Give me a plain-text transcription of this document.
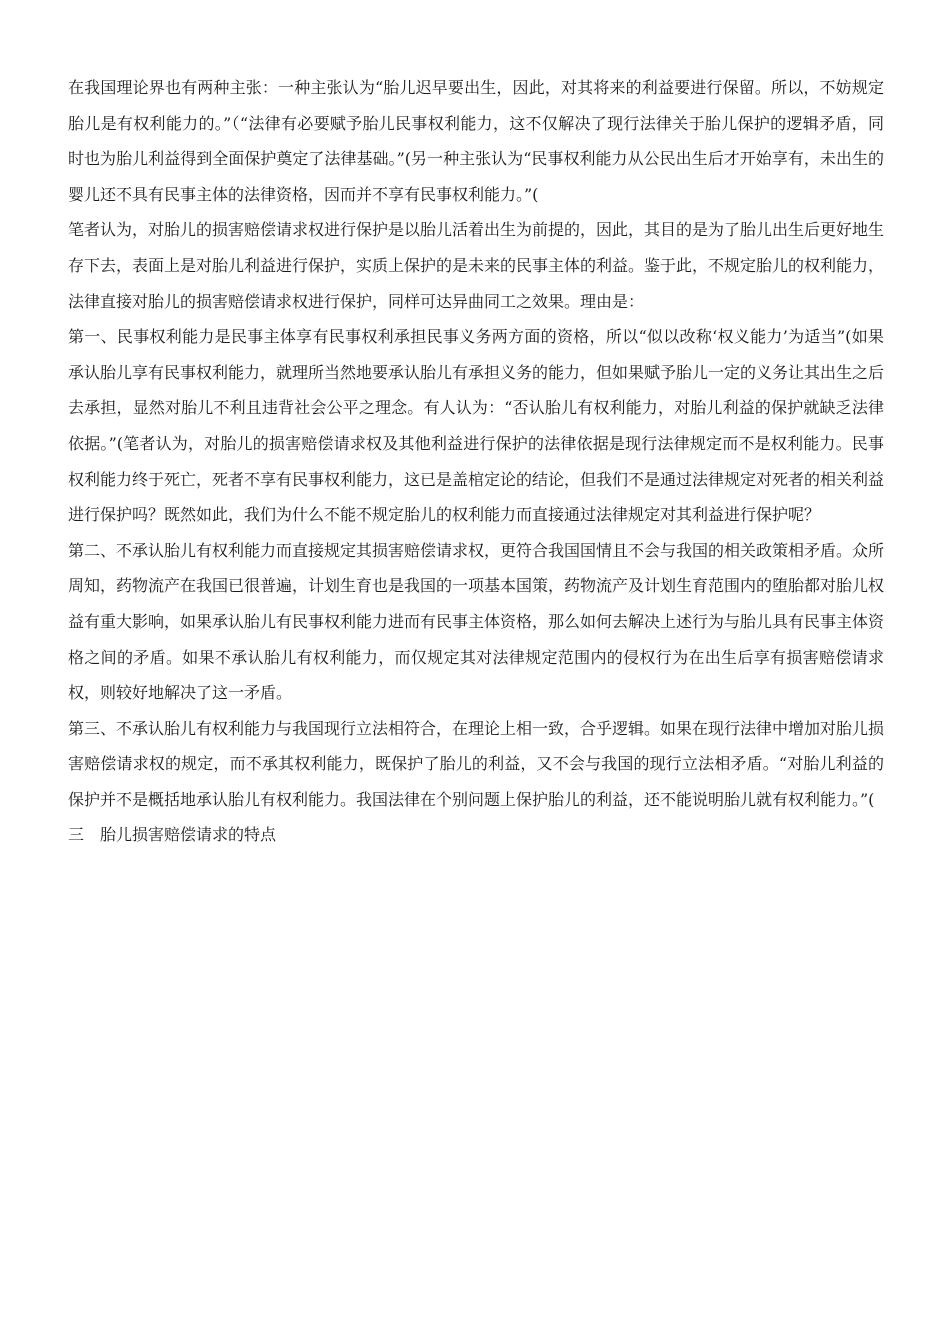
在我国理论界也有两种主张：一种主张认为“胎儿迟早要出生，因此，对其将来的利益要进行保留。所以，不妨规定胎儿是有权利能力的。”（“法律有必要赋予胎儿民事权利能力，这不仅解决了现行法律关于胎儿保护的逻辑矛盾，同时也为胎儿利益得到全面保护奠定了法律基础。”(另一种主张认为“民事权利能力从公民出生后才开始享有，未出生的婴儿还不具有民事主体的法律资格，因而并不享有民事权利能力。”(

笔者认为，对胎儿的损害赔偿请求权进行保护是以胎儿活着出生为前提的，因此，其目的是为了胎儿出生后更好地生存下去，表面上是对胎儿利益进行保护，实质上保护的是未来的民事主体的利益。鉴于此，不规定胎儿的权利能力，法律直接对胎儿的损害赔偿请求权进行保护，同样可达异曲同工之效果。理由是：

第一、民事权利能力是民事主体享有民事权利承担民事义务两方面的资格，所以“似以改称‘权义能力’为适当”(如果承认胎儿享有民事权利能力，就理所当然地要承认胎儿有承担义务的能力，但如果赋予胎儿一定的义务让其出生之后去承担，显然对胎儿不利且违背社会公平之理念。有人认为：“否认胎儿有权利能力，对胎儿利益的保护就缺乏法律依据。”(笔者认为，对胎儿的损害赔偿请求权及其他利益进行保护的法律依据是现行法律规定而不是权利能力。民事权利能力终于死亡，死者不享有民事权利能力，这已是盖棺定论的结论，但我们不是通过法律规定对死者的相关利益进行保护吗？既然如此，我们为什么不能不规定胎儿的权利能力而直接通过法律规定对其利益进行保护呢？

第二、不承认胎儿有权利能力而直接规定其损害赔偿请求权，更符合我国国情且不会与我国的相关政策相矛盾。众所周知，药物流产在我国已很普遍，计划生育也是我国的一项基本国策，药物流产及计划生育范围内的堕胎都对胎儿权益有重大影响，如果承认胎儿有民事权利能力进而有民事主体资格，那么如何去解决上述行为与胎儿具有民事主体资格之间的矛盾。如果不承认胎儿有权利能力，而仅规定其对法律规定范围内的侵权行为在出生后享有损害赔偿请求权，则较好地解决了这一矛盾。

第三、不承认胎儿有权利能力与我国现行立法相符合，在理论上相一致，合乎逻辑。如果在现行法律中增加对胎儿损害赔偿请求权的规定，而不承其权利能力，既保护了胎儿的利益，又不会与我国的现行立法相矛盾。“对胎儿利益的保护并不是概括地承认胎儿有权利能力。我国法律在个别问题上保护胎儿的利益，还不能说明胎儿就有权利能力。”(

三　胎儿损害赔偿请求的特点
